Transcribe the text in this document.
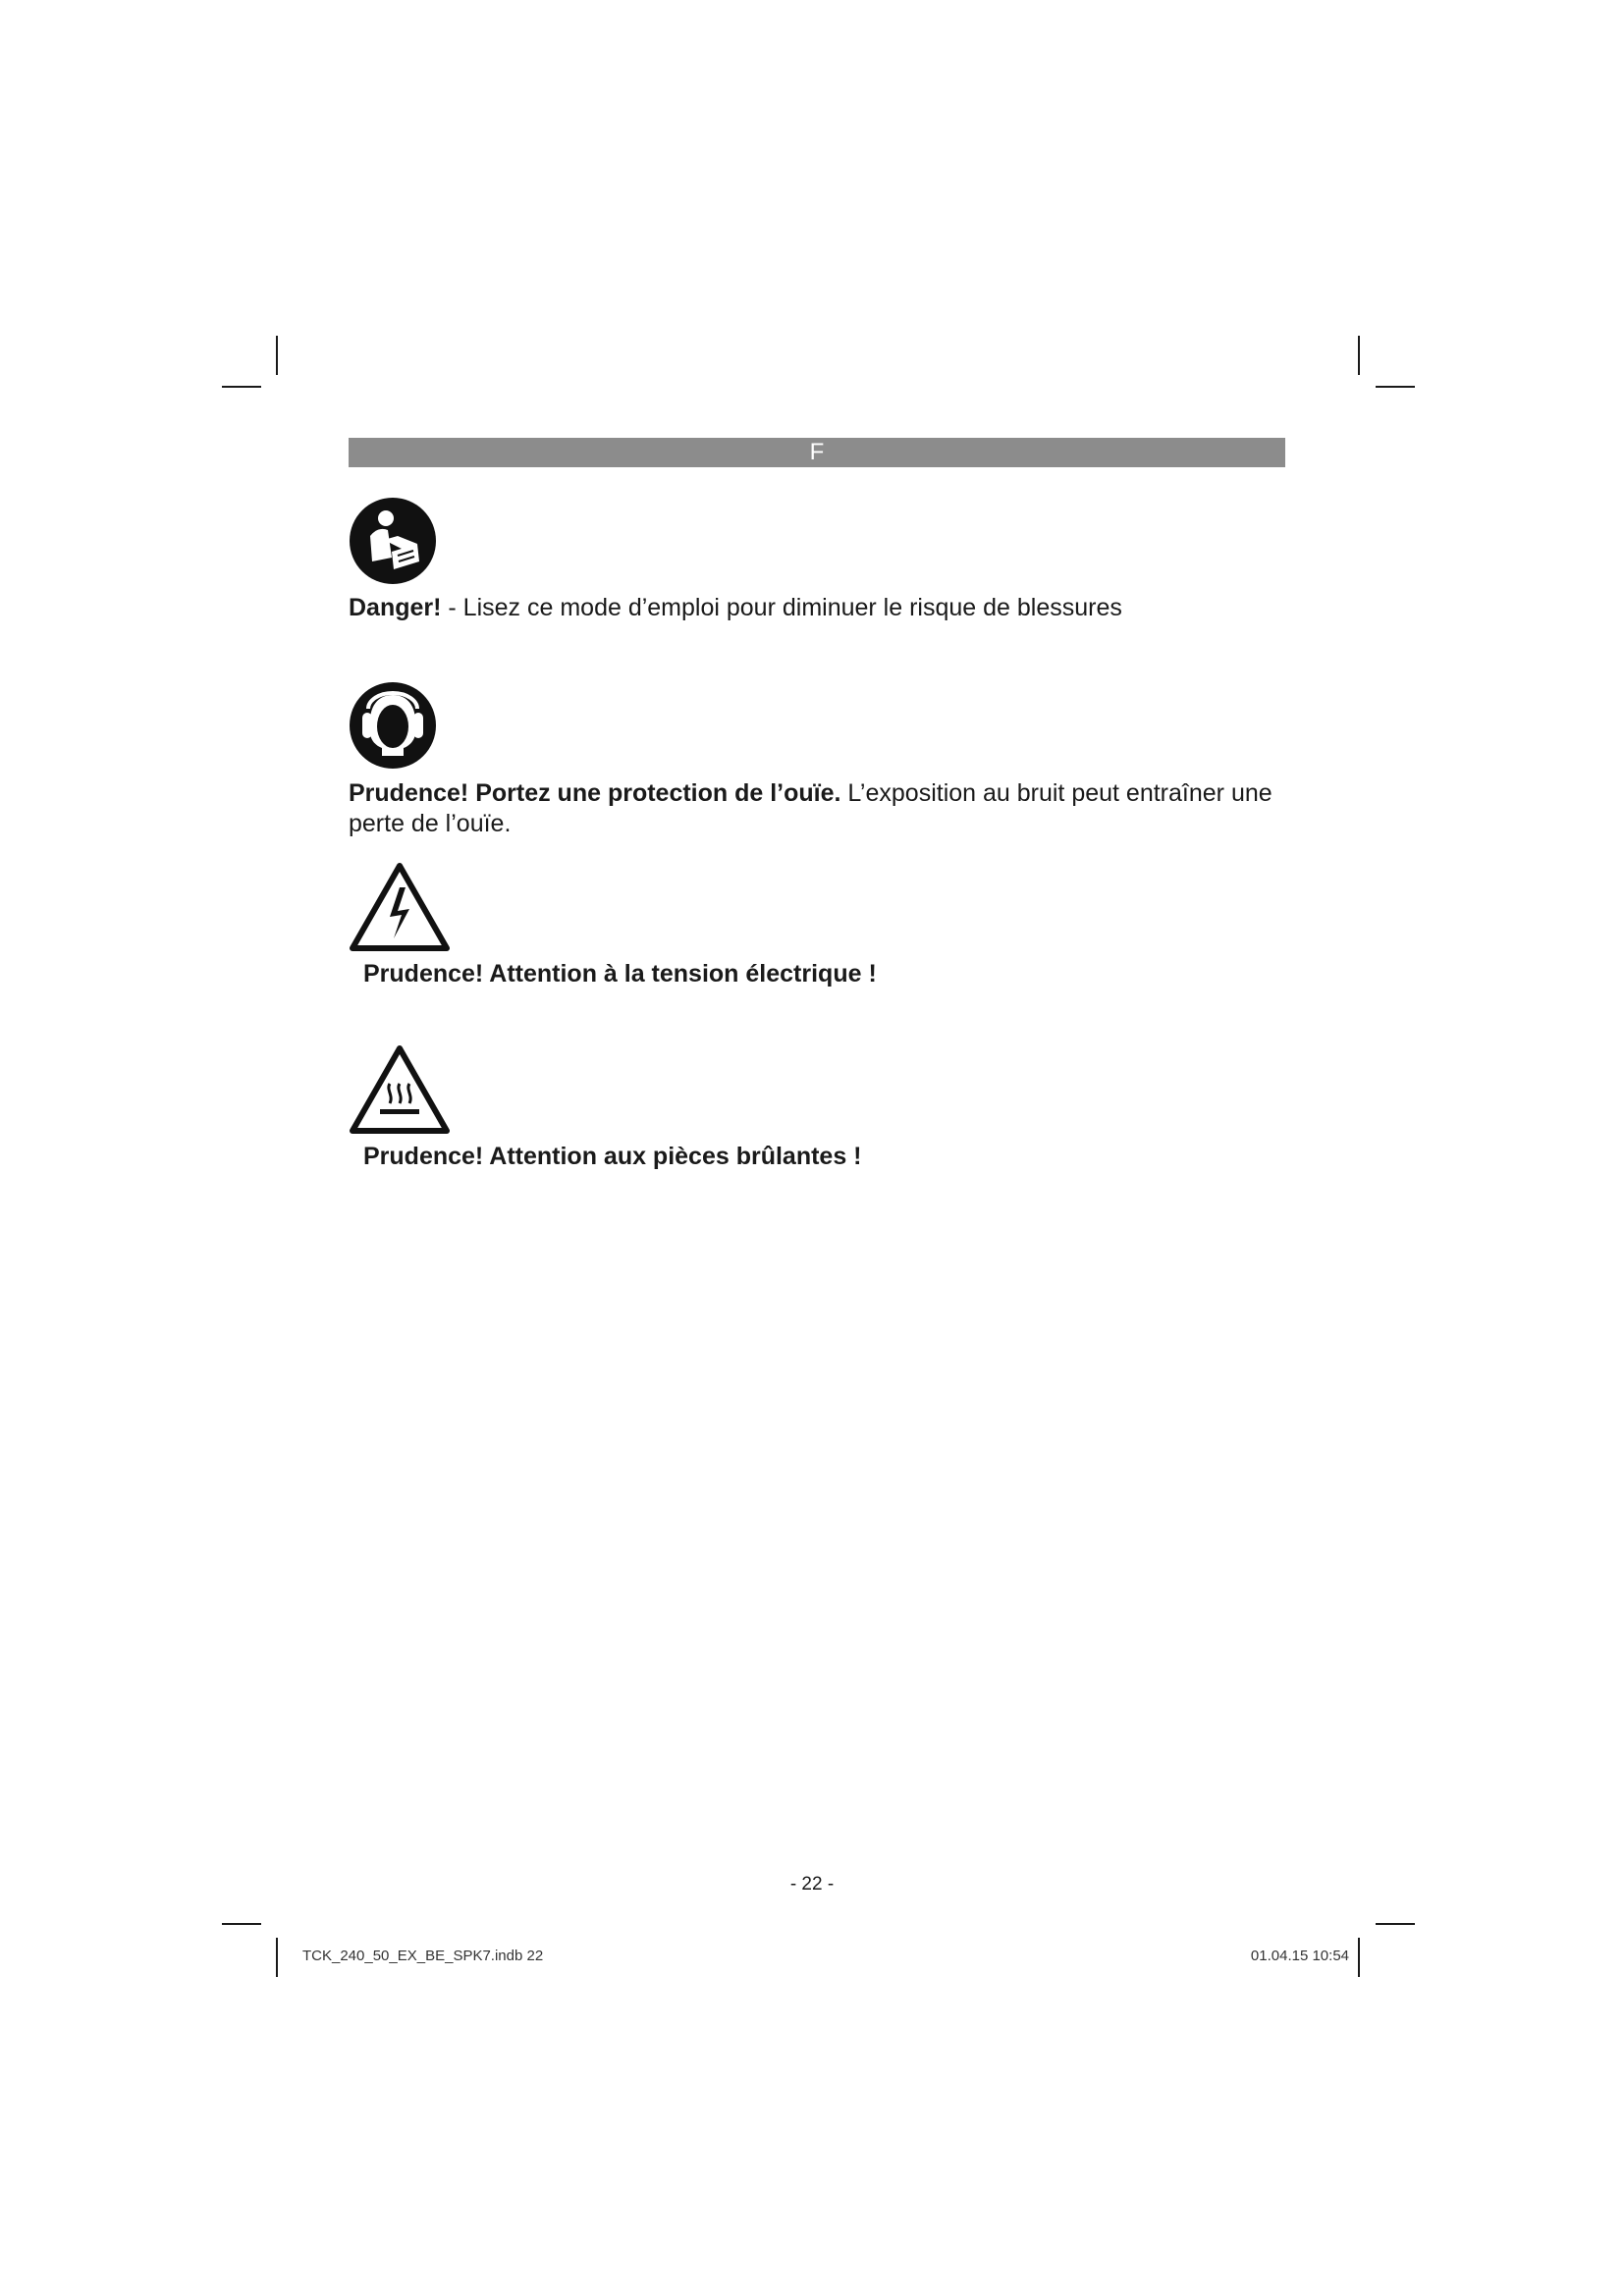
F

Danger! - Lisez ce mode d’emploi pour diminuer le risque de blessures

Prudence! Portez une protection de l’ouïe. L’exposition au bruit peut entraîner une perte de l’ouïe.

Prudence! Attention à la tension électrique !

Prudence! Attention aux pièces brûlantes !

- 22 -
TCK_240_50_EX_BE_SPK7.indb 22	01.04.15 10:54
